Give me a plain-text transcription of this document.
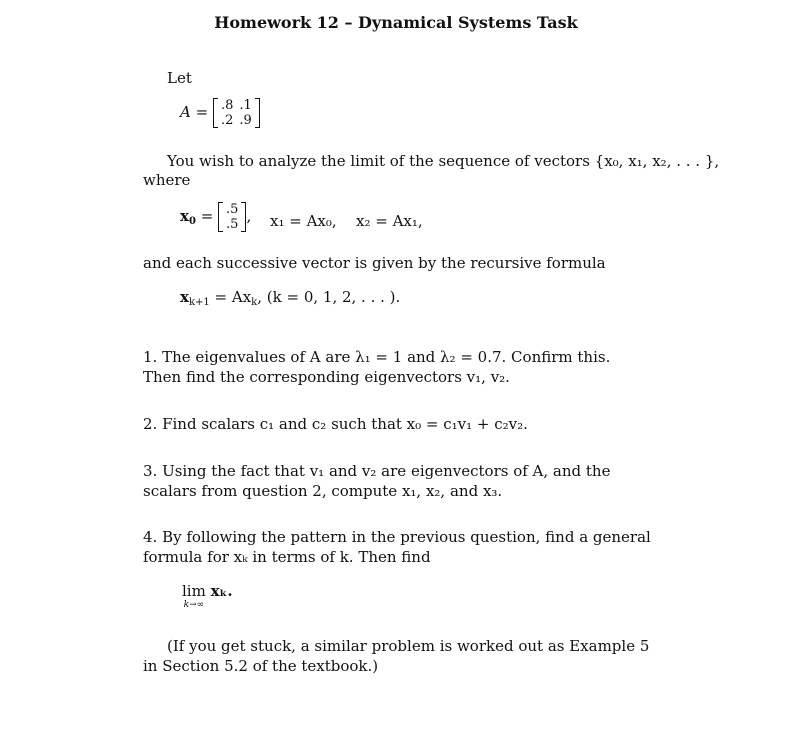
Homework 12 – Dynamical Systems Task
Let
A = .8	.1
.2	.9
You wish to analyze the limit of the sequence of vectors {x₀, x₁, x₂, . . . },
where
$x_0 = .5$
.5 , x₁ = Ax₀, x₂ = Ax₁,
and each successive vector is given by the recursive formula
$x_{k+1} = Ax_k$, (k = 0, 1, 2, . . . ).
1. The eigenvalues of A are λ₁ = 1 and λ₂ = 0.7. Confirm this. Then find the corresponding eigenvectors v₁, v₂.
2. Find scalars c₁ and c₂ such that x₀ = c₁v₁ + c₂v₂.
3. Using the fact that v₁ and v₂ are eigenvectors of A, and the scalars from question 2, compute x₁, x₂, and x₃.
4. By following the pattern in the previous question, find a general formula for xₖ in terms of k. Then find
lim
k→∞
xₖ.
(If you get stuck, a similar problem is worked out as Example 5 in Section 5.2 of the textbook.)
